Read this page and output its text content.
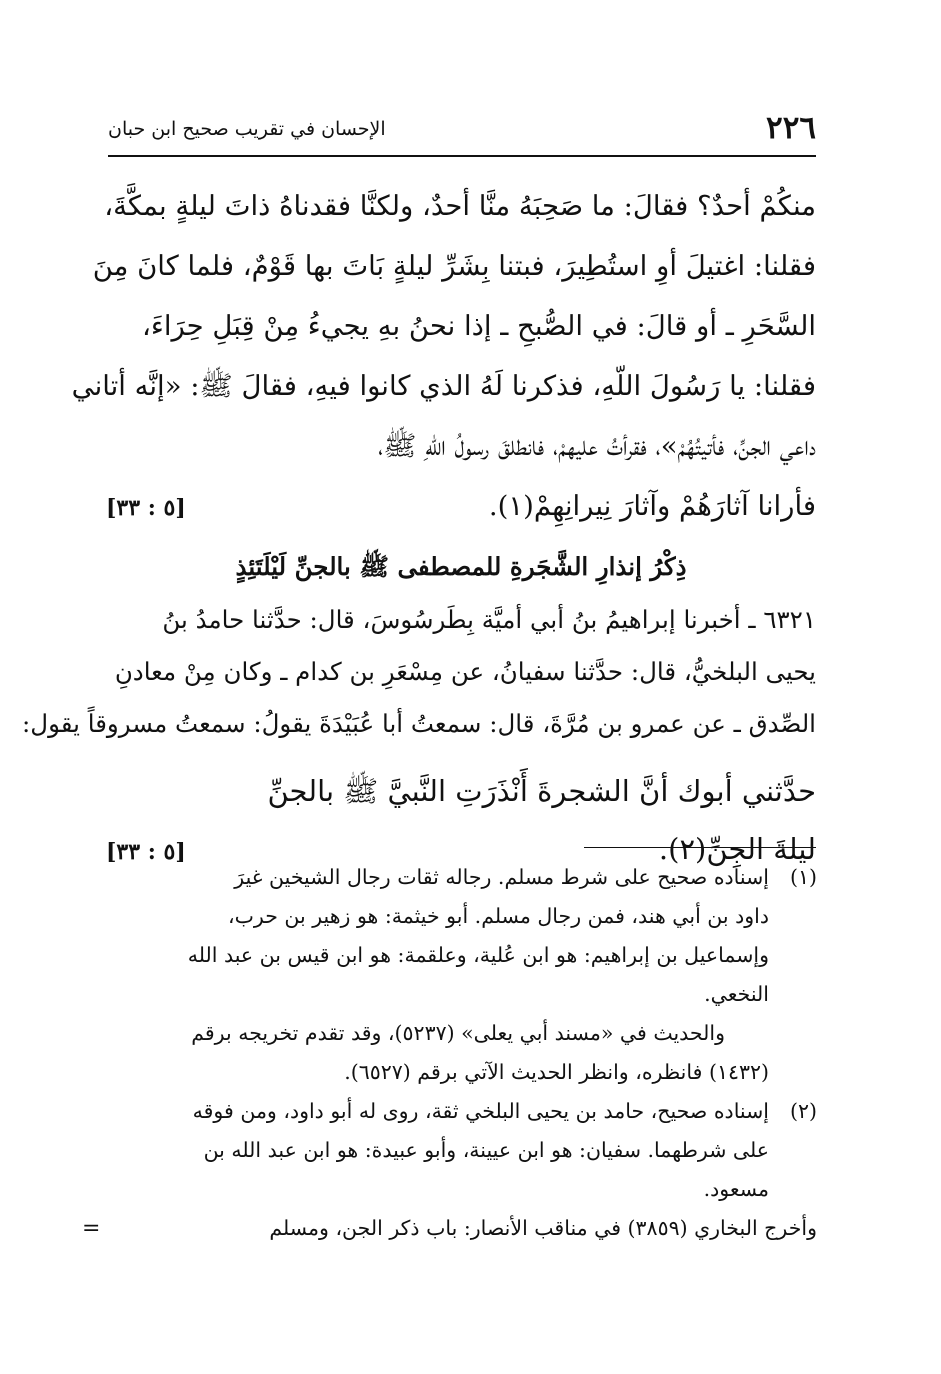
٢٢٦
الإحسان في تقريب صحيح ابن حبان
منكُمْ أحدٌ؟ فقالَ: ما صَحِبَهُ منَّا أحدٌ، ولكنَّا فقدناهُ ذاتَ ليلةٍ بمكَّةَ،
فقلنا: اغتيلَ أوِ استُطِيرَ، فبتنا بِشَرِّ ليلةٍ بَاتَ بها قَوْمٌ، فلما كانَ مِنَ
السَّحَرِ ـ أو قالَ: في الصُّبحِ ـ إذا نحنُ بهِ يجيءُ مِنْ قِبَلِ حِرَاءَ،
فقلنا: يا رَسُولَ اللّهِ، فذكرنا لَهُ الذي كانوا فيهِ، فقالَ ﷺ: «إنَّه أتاني
داعي الجنِّ، فأتيتُهُمْ»، فقرأتُ عليهمْ، فانطلقَ رسولُ اللّهِ ﷺ،
فأرانا آثارَهُمْ وآثارَ نِيرانِهِمْ(١).
[٥ : ٣٣]
ذِكْرُ إنذارِ الشَّجَرةِ للمصطفى ﷺ بالجنِّ لَيْلَتَئِذٍ
٦٣٢١ ـ أخبرنا إبراهيمُ بنُ أبي أميَّة بِطَرسُوسَ، قال: حدَّثنا حامدُ بنُ
يحيى البلخيُّ، قال: حدَّثنا سفيانُ، عن مِسْعَرِ بن كدام ـ وكان مِنْ معادنِ
الصِّدق ـ عن عمرو بن مُرَّةَ، قال: سمعتُ أبا عُبَيْدَةَ يقولُ: سمعتُ مسروقاً يقول:
حدَّثني أبوك أنَّ الشجرةَ أَنْذَرَتِ النَّبيَّ ﷺ بالجنِّ
ليلةَ الجِنِّ(٢).
[٥ : ٣٣]
(١)
إسناده صحيح على شرط مسلم. رجاله ثقات رجال الشيخين غيرَ
داود بن أبي هند، فمن رجال مسلم. أبو خيثمة: هو زهير بن حرب،
وإسماعيل بن إبراهيم: هو ابن عُلية، وعلقمة: هو ابن قيس بن عبد الله
النخعي.
والحديث في «مسند أبي يعلى» (٥٢٣٧)، وقد تقدم تخريجه برقم
(١٤٣٢) فانظره، وانظر الحديث الآتي برقم (٦٥٢٧).
(٢)
إسناده صحيح، حامد بن يحيى البلخي ثقة، روى له أبو داود، ومن فوقه
على شرطهما. سفيان: هو ابن عيينة، وأبو عبيدة: هو ابن عبد الله بن
مسعود.
وأخرج البخاري (٣٨٥٩) في مناقب الأنصار: باب ذكر الجن، ومسلم
=
